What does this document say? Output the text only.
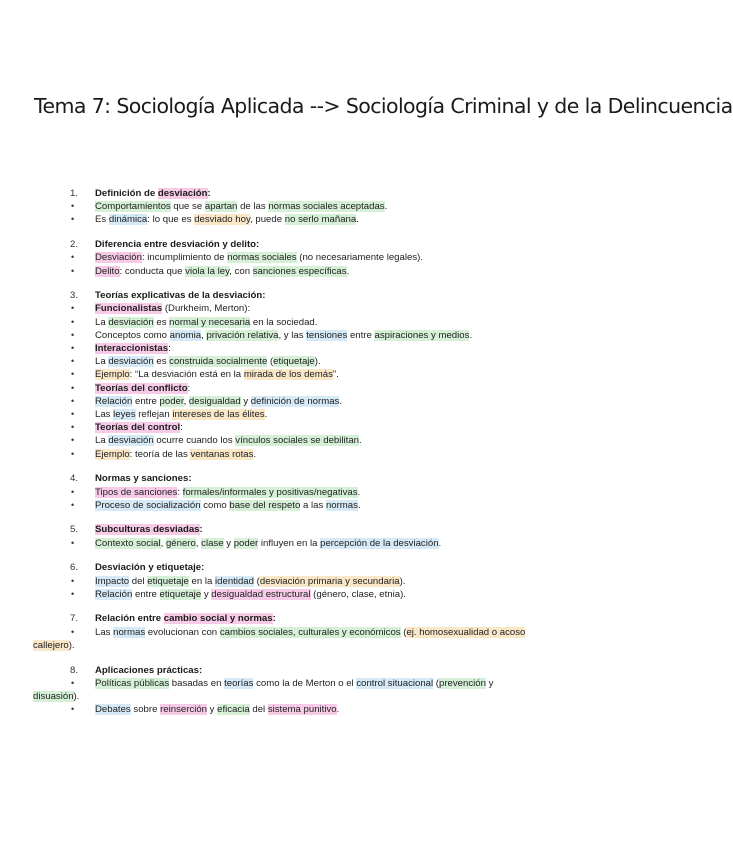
Tema 7: Sociología Aplicada --> Sociología Criminal y de la Delincuencia
1.	Definición de desviación:
•	Comportamientos que se apartan de las normas sociales aceptadas.
•	Es dinámica: lo que es desviado hoy, puede no serlo mañana.
2.	Diferencia entre desviación y delito:
•	Desviación: incumplimiento de normas sociales (no necesariamente legales).
•	Delito: conducta que viola la ley, con sanciones específicas.
3.	Teorías explicativas de la desviación:
•	Funcionalistas (Durkheim, Merton):
•	La desviación es normal y necesaria en la sociedad.
•	Conceptos como anomia, privación relativa, y las tensiones entre aspiraciones y medios.
•	Interaccionistas:
•	La desviación es construida socialmente (etiquetaje).
•	Ejemplo: “La desviación está en la mirada de los demás”.
•	Teorías del conflicto:
•	Relación entre poder, desigualdad y definición de normas.
•	Las leyes reflejan intereses de las élites.
•	Teorías del control:
•	La desviación ocurre cuando los vínculos sociales se debilitan.
•	Ejemplo: teoría de las ventanas rotas.
4.	Normas y sanciones:
•	Tipos de sanciones: formales/informales y positivas/negativas.
•	Proceso de socialización como base del respeto a las normas.
5.	Subculturas desviadas:
•	Contexto social, género, clase y poder influyen en la percepción de la desviación.
6.	Desviación y etiquetaje:
•	Impacto del etiquetaje en la identidad (desviación primaria y secundaria).
•	Relación entre etiquetaje y desigualdad estructural (género, clase, etnia).
7.	Relación entre cambio social y normas:
•	Las normas evolucionan con cambios sociales, culturales y económicos (ej. homosexualidad o acoso
callejero).
8.	Aplicaciones prácticas:
•	Políticas públicas basadas en teorías como la de Merton o el control situacional (prevención y
disuasión).
•	Debates sobre reinserción y eficacia del sistema punitivo.
